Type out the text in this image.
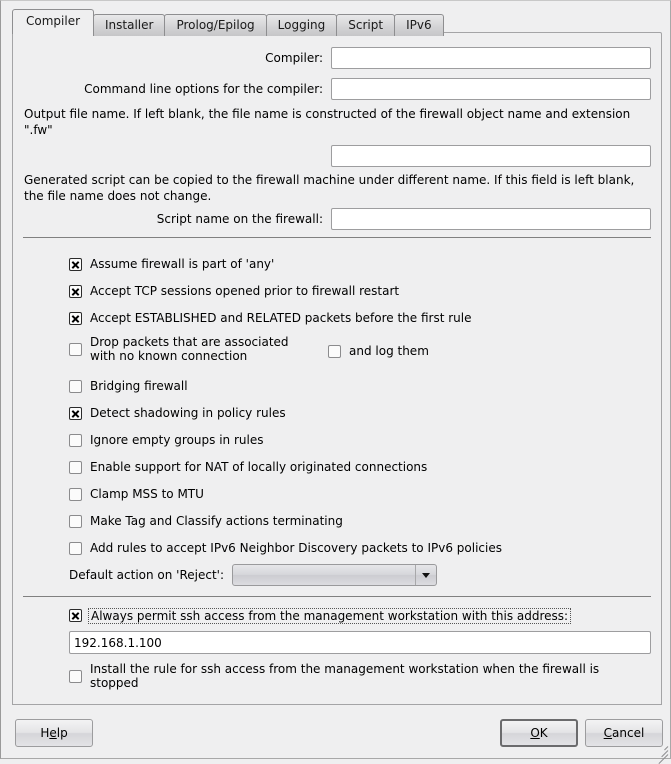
Compiler	Installer	Prolog/Epilog	Logging	Script	IPv6
Compiler:
Command line options for the compiler:
Output file name. If left blank, the file name is constructed of the firewall object name and extension ".fw"
Generated script can be copied to the firewall machine under different name. If this field is left blank, the file name does not change.
Script name on the firewall:
Assume firewall is part of 'any'
Accept TCP sessions opened prior to firewall restart
Accept ESTABLISHED and RELATED packets before the first rule
Drop packets that are associated with no known connection	and log them
Bridging firewall
Detect shadowing in policy rules
Ignore empty groups in rules
Enable support for NAT of locally originated connections
Clamp MSS to MTU
Make Tag and Classify actions terminating
Add rules to accept IPv6 Neighbor Discovery packets to IPv6 policies
Default action on 'Reject':
Always permit ssh access from the management workstation with this address:
192.168.1.100
Install the rule for ssh access from the management workstation when the firewall is stopped
H e lp	O K	C ancel
